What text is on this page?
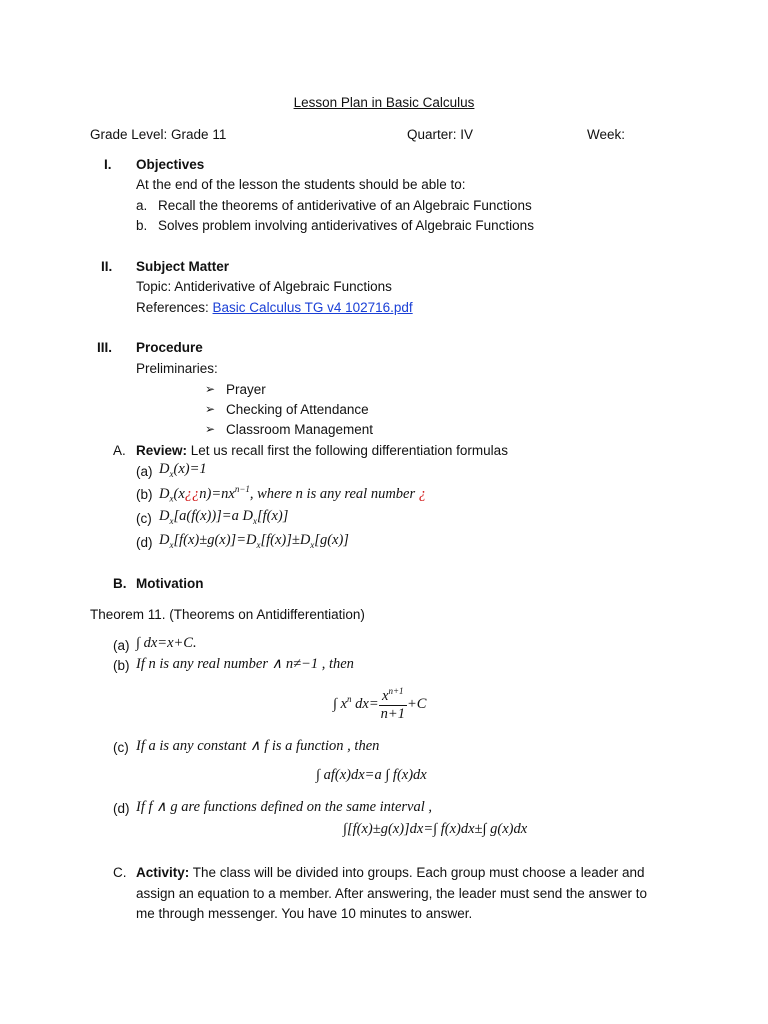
Lesson Plan in Basic Calculus
Grade Level: Grade 11	Quarter: IV	Week:
I. Objectives
At the end of the lesson the students should be able to:
a. Recall the theorems of antiderivative of an Algebraic Functions
b. Solves problem involving antiderivatives of Algebraic Functions
II. Subject Matter
Topic: Antiderivative of Algebraic Functions
References: Basic Calculus TG v4 102716.pdf
III. Procedure
Preliminaries:
➢ Prayer
➢ Checking of Attendance
➢ Classroom Management
A. Review: Let us recall first the following differentiation formulas
(a) $D_x(x)=1$
(b) $D_x(x¿¿n)=nx^{n-1}$, where n is any real number ¿
(c) $D_x[a(f(x))]=a$ $D_x[f(x)]$
(d) $D_x[f(x)\pm g(x)]=D_x[f(x)]\pm D_x[g(x)]$
B. Motivation
Theorem 11. (Theorems on Antidifferentiation)
(a) ∫ dx=x+C.
(b) If n is any real number ∧ n≠−1 , then
∫ $x^n$ $dx= \frac{x^{n+1}}{n+1} +C$
(c) If a is any constant ∧ f is a function , then
∫ af(x)dx=a ∫ f(x)dx
(d) If f ∧ g are functions defined on the same interval ,
∫[f(x)±g(x)]dx=∫ f(x)dx±∫ g(x)dx
C. Activity: The class will be divided into groups. Each group must choose a leader and
assign an equation to a member. After answering, the leader must send the answer to
me through messenger. You have 10 minutes to answer.
